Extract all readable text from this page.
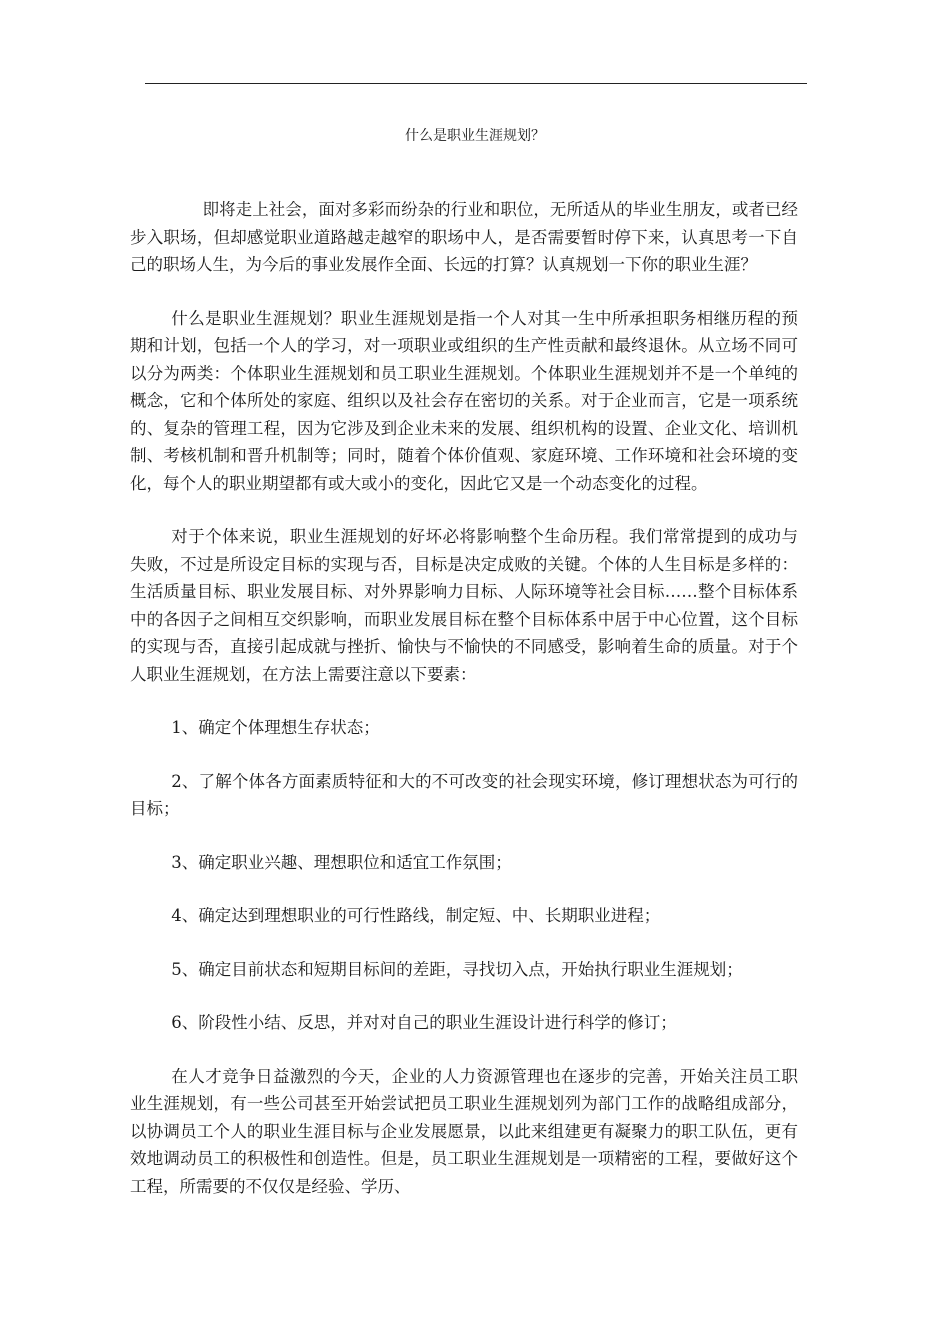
什么是职业生涯规划？

即将走上社会，面对多彩而纷杂的行业和职位，无所适从的毕业生朋友，或者已经步入职场，但却感觉职业道路越走越窄的职场中人，是否需要暂时停下来，认真思考一下自己的职场人生，为今后的事业发展作全面、长远的打算？认真规划一下你的职业生涯？

什么是职业生涯规划？职业生涯规划是指一个人对其一生中所承担职务相继历程的预期和计划，包括一个人的学习，对一项职业或组织的生产性贡献和最终退休。从立场不同可以分为两类：个体职业生涯规划和员工职业生涯规划。个体职业生涯规划并不是一个单纯的概念，它和个体所处的家庭、组织以及社会存在密切的关系。对于企业而言，它是一项系统的、复杂的管理工程，因为它涉及到企业未来的发展、组织机构的设置、企业文化、培训机制、考核机制和晋升机制等；同时，随着个体价值观、家庭环境、工作环境和社会环境的变化，每个人的职业期望都有或大或小的变化，因此它又是一个动态变化的过程。

对于个体来说，职业生涯规划的好坏必将影响整个生命历程。我们常常提到的成功与失败，不过是所设定目标的实现与否，目标是决定成败的关键。个体的人生目标是多样的：生活质量目标、职业发展目标、对外界影响力目标、人际环境等社会目标……整个目标体系中的各因子之间相互交织影响，而职业发展目标在整个目标体系中居于中心位置，这个目标的实现与否，直接引起成就与挫折、愉快与不愉快的不同感受，影响着生命的质量。对于个人职业生涯规划，在方法上需要注意以下要素：

1、确定个体理想生存状态；

2、了解个体各方面素质特征和大的不可改变的社会现实环境，修订理想状态为可行的目标；

3、确定职业兴趣、理想职位和适宜工作氛围；

4、确定达到理想职业的可行性路线，制定短、中、长期职业进程；

5、确定目前状态和短期目标间的差距，寻找切入点，开始执行职业生涯规划；

6、阶段性小结、反思，并对对自己的职业生涯设计进行科学的修订；

在人才竞争日益激烈的今天，企业的人力资源管理也在逐步的完善，开始关注员工职业生涯规划，有一些公司甚至开始尝试把员工职业生涯规划列为部门工作的战略组成部分，以协调员工个人的职业生涯目标与企业发展愿景，以此来组建更有凝聚力的职工队伍，更有效地调动员工的积极性和创造性。但是，员工职业生涯规划是一项精密的工程，要做好这个工程，所需要的不仅仅是经验、学历、
